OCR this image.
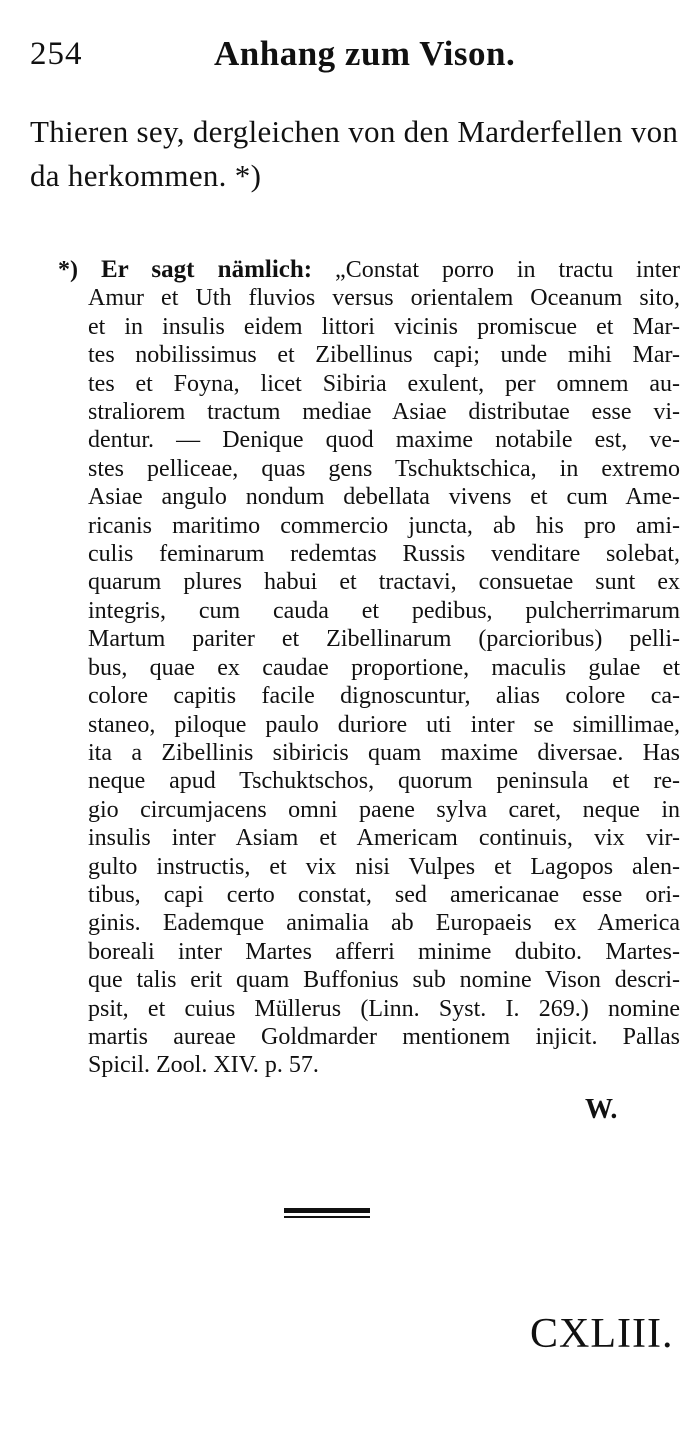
254	Anhang zum Vison.
Thieren sey, dergleichen von den Marderfellen von
da herkommen. *)
*) Er sagt nämlich: „Constat porro in tractu inter
Amur et Uth fluvios versus orientalem Oceanum sito,
et in insulis eidem littori vicinis promiscue et Mar-
tes nobilissimus et Zibellinus capi; unde mihi Mar-
tes et Foyna, licet Sibiria exulent, per omnem au-
straliorem tractum mediae Asiae distributae esse vi-
dentur. — Denique quod maxime notabile est, ve-
stes pelliceae, quas gens Tschuktschica, in extremo
Asiae angulo nondum debellata vivens et cum Ame-
ricanis maritimo commercio juncta, ab his pro ami-
culis feminarum redemtas Russis venditare solebat,
quarum plures habui et tractavi, consuetae sunt ex
integris, cum cauda et pedibus, pulcherrimarum
Martum pariter et Zibellinarum (parcioribus) pelli-
bus, quae ex caudae proportione, maculis gulae et
colore capitis facile dignoscuntur, alias colore ca-
staneo, piloque paulo duriore uti inter se simillimae,
ita a Zibellinis sibiricis quam maxime diversae. Has
neque apud Tschuktschos, quorum peninsula et re-
gio circumjacens omni paene sylva caret, neque in
insulis inter Asiam et Americam continuis, vix vir-
gulto instructis, et vix nisi Vulpes et Lagopos alen-
tibus, capi certo constat, sed americanae esse ori-
ginis. Eademque animalia ab Europaeis ex America
boreali inter Martes afferri minime dubito. Martes-
que talis erit quam Buffonius sub nomine Vison descri-
psit, et cuius Müllerus (Linn. Syst. I. 269.) nomine
martis aureae Goldmarder mentionem injicit. Pallas
Spicil. Zool. XIV. p. 57.
W.
CXLIII.
